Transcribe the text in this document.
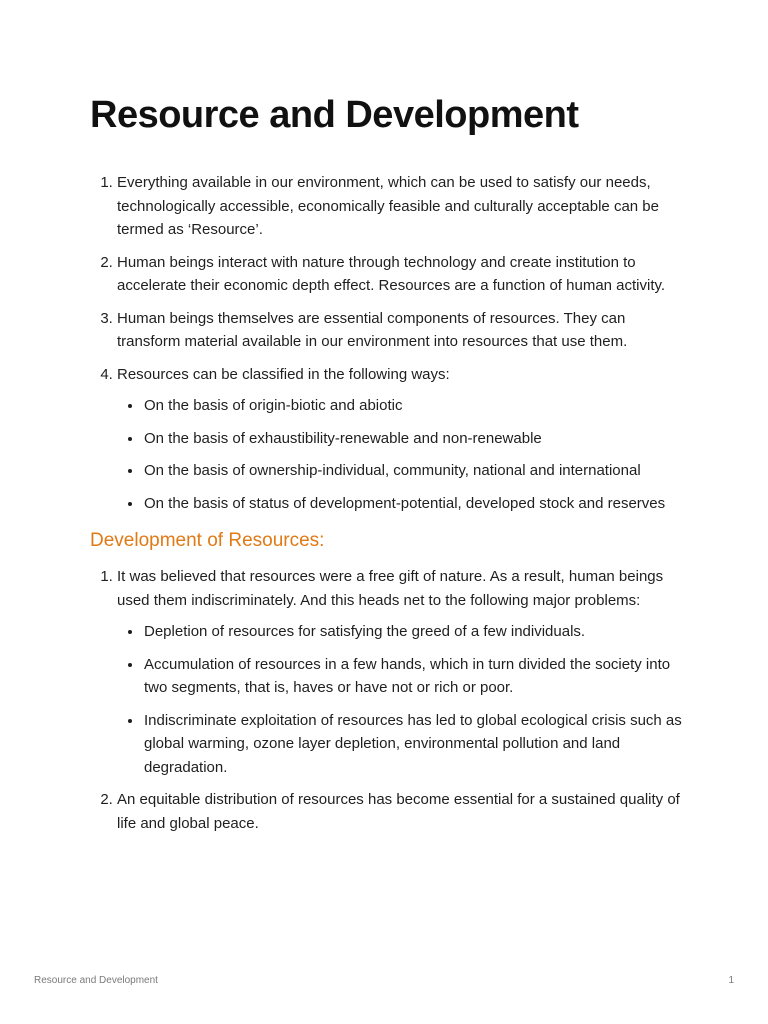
Resource and Development
1. Everything available in our environment, which can be used to satisfy our needs, technologically accessible, economically feasible and culturally acceptable can be termed as ‘Resource’.
2. Human beings interact with nature through technology and create institution to accelerate their economic depth effect. Resources are a function of human activity.
3. Human beings themselves are essential components of resources. They can transform material available in our environment into resources that use them.
4. Resources can be classified in the following ways:
On the basis of origin-biotic and abiotic
On the basis of exhaustibility-renewable and non-renewable
On the basis of ownership-individual, community, national and international
On the basis of status of development-potential, developed stock and reserves
Development of Resources:
1. It was believed that resources were a free gift of nature. As a result, human beings used them indiscriminately. And this heads net to the following major problems:
Depletion of resources for satisfying the greed of a few individuals.
Accumulation of resources in a few hands, which in turn divided the society into two segments, that is, haves or have not or rich or poor.
Indiscriminate exploitation of resources has led to global ecological crisis such as global warming, ozone layer depletion, environmental pollution and land degradation.
2. An equitable distribution of resources has become essential for a sustained quality of life and global peace.
Resource and Development	1
